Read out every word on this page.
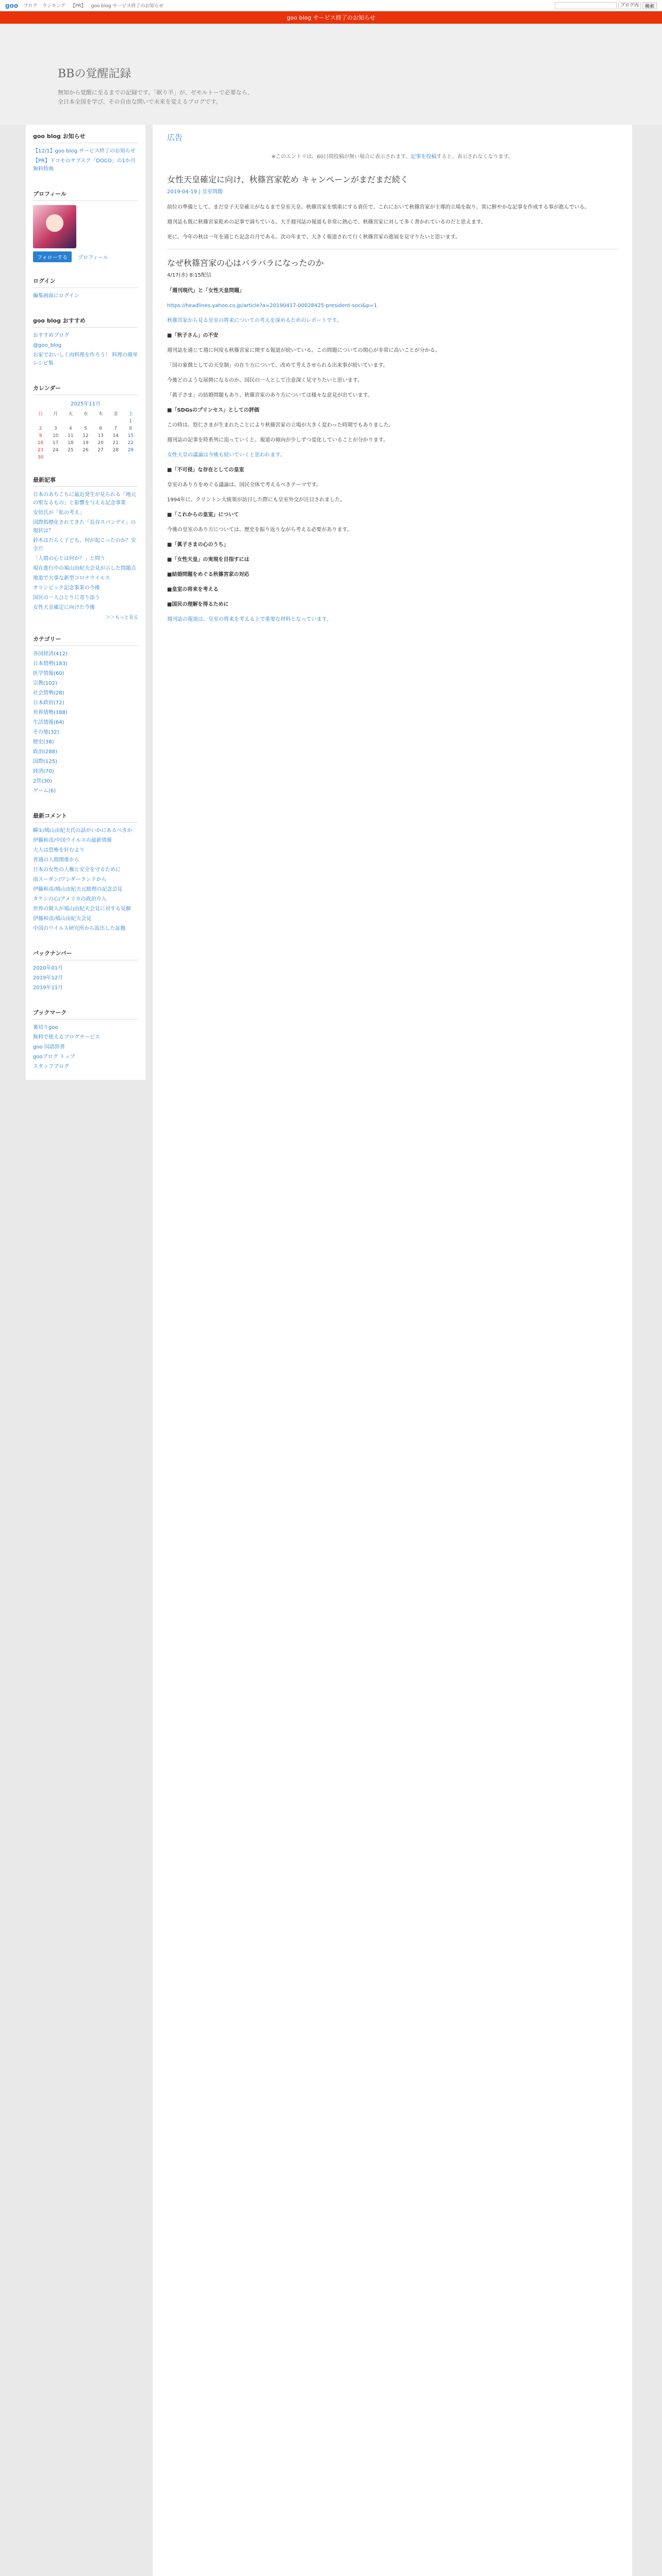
goo ブログ ランキング 【PR】 goo blog サービス終了のお知らせ	ブログ内	検索
goo blog サービス終了のお知らせ
BBの覚醒記録

無知から覚醒に至るまでの記録です。「眠り羊」が、ゼモルトーで必要なら、
全日本全国を学び、その自由な問いで未来を変えるブログです。

goo blog お知らせ
【12/1】goo blog サービス終了のお知らせ
【PR】ドコモのサブスク「DOCO」の1か月無料特典
プロフィール
フォローする プロフィール
ログイン
編集画面にログイン
goo blog おすすめ
おすすめブログ
@goo_blog
お家でおいしく肉料理を作ろう！ 料理の簡単レシピ集
カレンダー
2025年11月
日	月	火	水	木	金	土
						1
2	3	4	5	6	7	8
9	10	11	12	13	14	15
16	17	18	19	20	21	22
23	24	25	26	27	28	29
30						
最新記事
日本のあちこちに最近発生が見られる「地元の聖なるもの」と影響を与える記念事業
安倍氏が「私の考え」
国際指標化されてきた「長谷スパンデイ」の現状は？
鈴木はたらく子ども。何が起こったのか？安全だ
「人間の心とは何か？」と問う
現在進行中の鳩山由紀夫会見が示した問題点
地道で大事な新型コロナウイルス
オリンピック記念事業の今後
国民の一人ひとりに寄り添う
女性天皇確定に向けた今後
＞＞もっと見る
カテゴリー
各国経済(412)
日本情勢(183)
医学情報(60)
宗教(102)
社会情勢(28)
日本政府(72)
世界情勢(188)
生活情報(64)
その他(32)
歴史(38)
政治(288)
国際(125)
経済(70)
2世(30)
ゲーム(6)
最新コメント
瞬①/鳩山由紀夫氏の話がいかにあるべきか
伊藤和彦/中国ウイルスの最新情報
大人は恐怖を好むより
普通の人間関係から
日本の女性の人権と安全を守るために
南スーダン/ワンダーランドから
伊藤和彦/鳩山由紀夫元総理の記念会見
タケシの心/アメリカの政治介入
世界の賢人が鳩山由紀夫会見に対する見解
伊藤和彦/鳩山由紀夫会見
中国のウイルス研究所から流出した証拠
バックナンバー
2020年01月
2019年12月
2019年11月
ブックマーク
裏切りgoo
無料で使えるブログサービス
goo 国語辞書
gooブログ トップ
スタッフブログ
広告
※このエントリは、60日間投稿が無い場合に表示されます。記事を投稿すると、表示されなくなります。
女性天皇確定に向け、秋篠宮家乾め キャンペーンがまだまだ続く
2019-04-19 | 皇室問題

前位の準備として、まだ皇子天皇確立がなるまで皇室天皇、秋篠宮家を慎重にする責任で、これにおいて秋篠宮家が主導的立場を取り、常に鮮やかな記事を作成する事が進んでいる。

週刊誌も既に秋篠宮家乾めの記事で満ちている。大手週刊誌の報道も非常に熱心で、秋篠宮家に対して多く書かれているのだと思えます。

更に、今年の秋は一年を通じた記念の月である。次の年まで、大きく報道されて行く秋篠宮家の進展を見守りたいと思います。

なぜ秋篠宮家の心はバラバラになったのか
4/17(水) 8:15配信

「週刊現代」と「女性天皇問題」

https://headlines.yahoo.co.jp/article?a=20190417-00028425-president-soci&p=1

秋篠宮家から見る皇室の将来についての考えを深めるためのレポートです。

■「秋子さん」の不安

週刊誌を通じて週に何度も秋篠宮家に関する報道が続いている。この問題についての関心が非常に高いことが分かる。

「国の象徴としての天皇制」の在り方について、改めて考えさせられる出来事が続いています。

今後どのような展開になるのか、国民の一人として注意深く見守りたいと思います。

「眞子さま」の結婚問題もあり、秋篠宮家のあり方については様々な意見が出ています。

■「SDGsのプリンセス」としての評価

この時は、悠仁さまが生まれたことにより秋篠宮家の立場が大きく変わった時期でもありました。

週刊誌の記事を時系列に追っていくと、報道の傾向が少しずつ変化していることが分かります。

女性天皇の議論は今後も続いていくと思われます。

■「不可侵」な存在としての皇室

皇室のあり方をめぐる議論は、国民全体で考えるべきテーマです。

1994年に、クリントン大統領が訪日した際にも皇室外交が注目されました。

■「これからの皇室」について

今後の皇室のあり方については、歴史を振り返りながら考える必要があります。

■「眞子さまの心のうち」

■「女性天皇」の実現を目指すには

■結婚問題をめぐる秋篠宮家の対応

■皇室の将来を考える

■国民の理解を得るために

週刊誌の報道は、皇室の将来を考える上で重要な材料となっています。
